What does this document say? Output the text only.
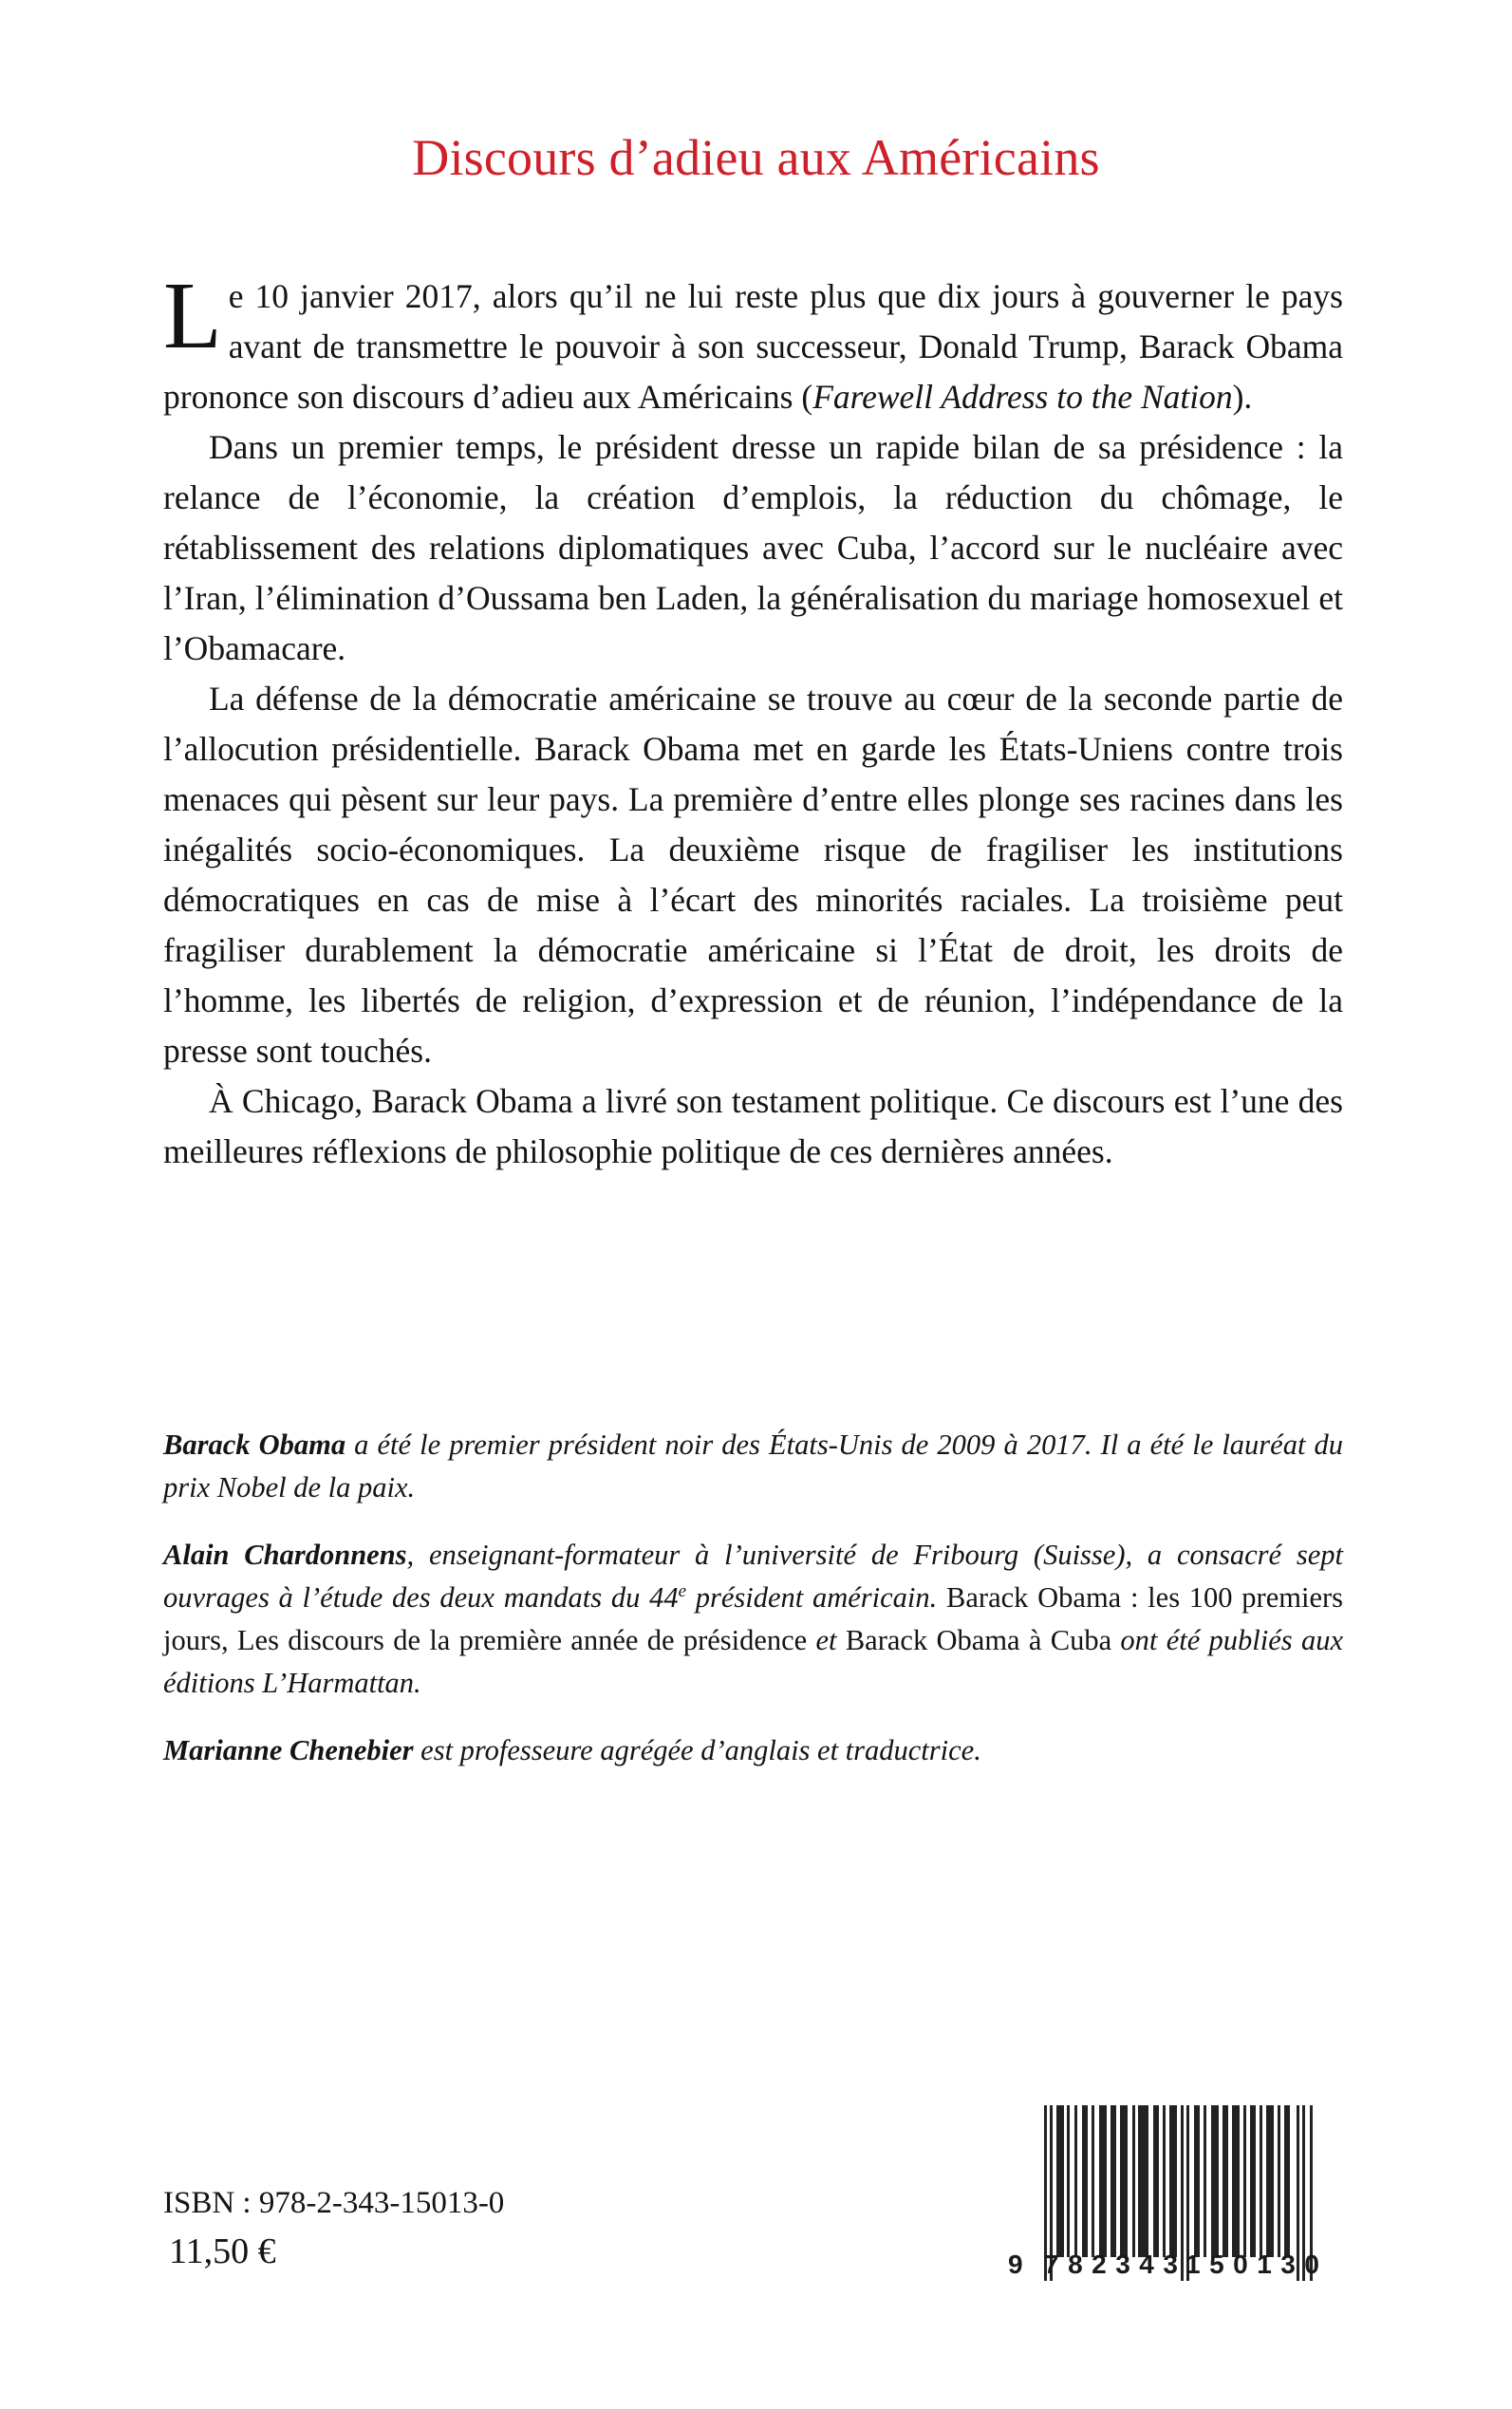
Discours d’adieu aux Américains

Le 10 janvier 2017, alors qu’il ne lui reste plus que dix jours à gouverner le pays avant de transmettre le pouvoir à son successeur, Donald Trump, Barack Obama prononce son discours d’adieu aux Américains (Farewell Address to the Nation).

Dans un premier temps, le président dresse un rapide bilan de sa présidence : la relance de l’économie, la création d’emplois, la réduction du chômage, le rétablissement des relations diplomatiques avec Cuba, l’accord sur le nucléaire avec l’Iran, l’élimination d’Oussama ben Laden, la généralisation du mariage homosexuel et l’Obamacare.

La défense de la démocratie américaine se trouve au cœur de la seconde partie de l’allocution présidentielle. Barack Obama met en garde les États-Uniens contre trois menaces qui pèsent sur leur pays. La première d’entre elles plonge ses racines dans les inégalités socio-économiques. La deuxième risque de fragiliser les institutions démocratiques en cas de mise à l’écart des minorités raciales. La troisième peut fragiliser durablement la démocratie américaine si l’État de droit, les droits de l’homme, les libertés de religion, d’expression et de réunion, l’indépendance de la presse sont touchés.

À Chicago, Barack Obama a livré son testament politique. Ce discours est l’une des meilleures réflexions de philosophie politique de ces dernières années.

Barack Obama a été le premier président noir des États-Unis de 2009 à 2017. Il a été le lauréat du prix Nobel de la paix.

Alain Chardonnens, enseignant-formateur à l’université de Fribourg (Suisse), a consacré sept ouvrages à l’étude des deux mandats du 44e président américain. Barack Obama : les 100 premiers jours, Les discours de la première année de présidence et Barack Obama à Cuba ont été publiés aux éditions L’Harmattan.

Marianne Chenebier est professeure agrégée d’anglais et traductrice.

ISBN : 978-2-343-15013-0
11,50 €	9 782343
150130
